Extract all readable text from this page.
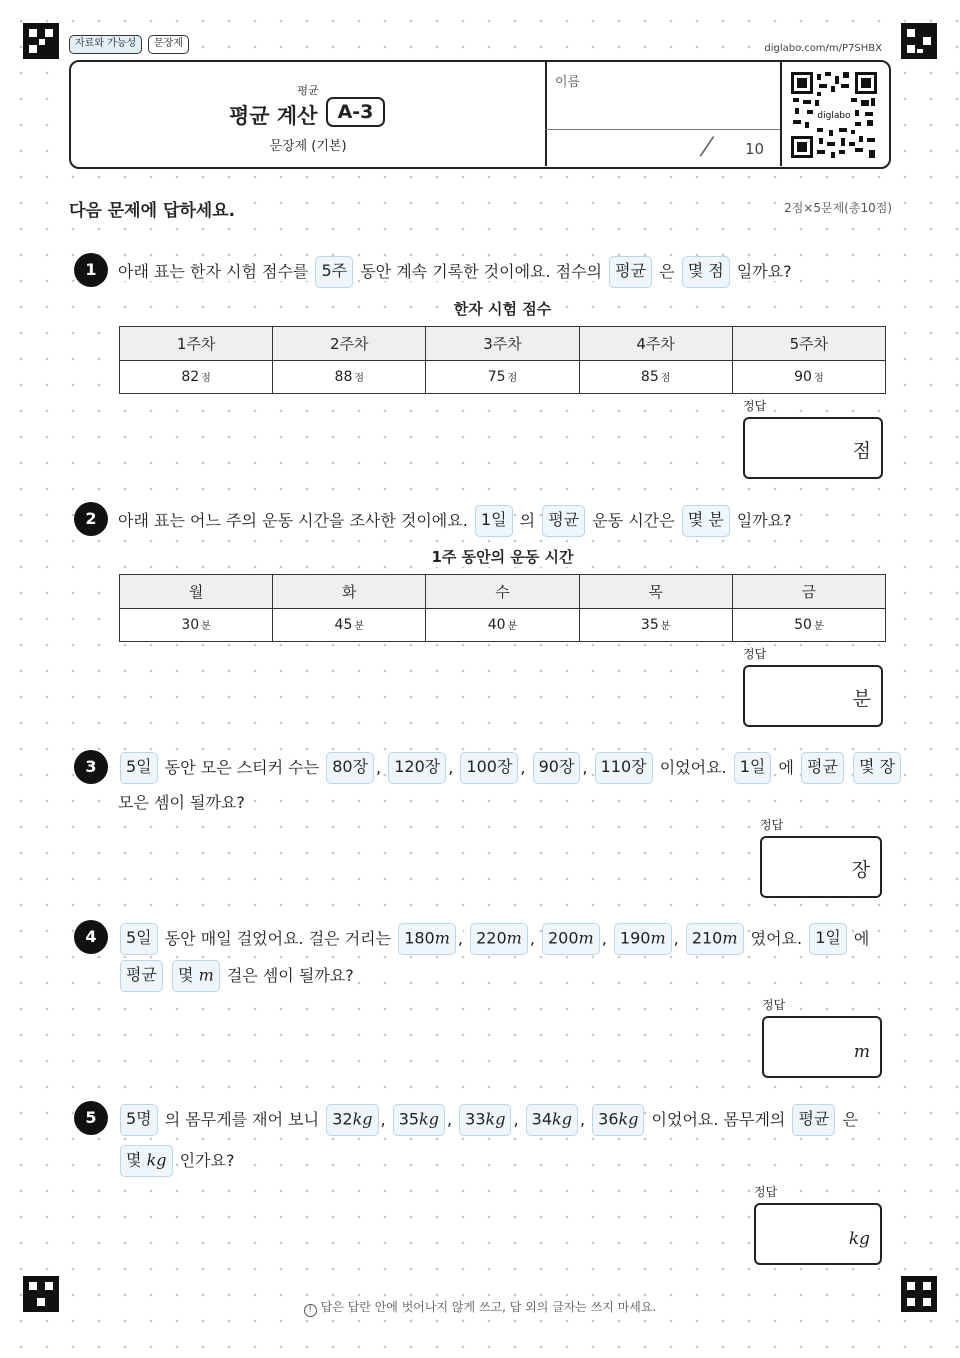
자료와 가능성	문장제	diglabo.com/m/P7SHBX
평균
평균 계산	A-3
문장제 (기본)
이름
/ 10
diglabo
다음 문제에 답하세요.	2점×5문제(총10점)
1	아래 표는 한자 시험 점수를 5주 동안 계속 기록한 것이에요. 점수의 평균 은 몇 점 일까요?
한자 시험 점수
1주차	2주차	3주차	4주차	5주차
82 점	88 점	75 점	85 점	90 점
정답
점
2	아래 표는 어느 주의 운동 시간을 조사한 것이에요. 1일 의 평균 운동 시간은 몇 분 일까요?
1주 동안의 운동 시간
월	화	수	목	금
30 분	45 분	40 분	35 분	50 분
정답
분
3	5일 동안 모은 스티커 수는 80장 , 120장 , 100장 , 90장 , 110장 이었어요. 1일 에 평균 몇 장
모은 셈이 될까요?
정답
장
4	5일 동안 매일 걸었어요. 걸은 거리는 180m , 220m , 200m , 190m , 210m 였어요. 1일 에
평균 몇 m 걸은 셈이 될까요?
정답
m
5	5명 의 몸무게를 재어 보니 32kg , 35kg , 33kg , 34kg , 36kg 이었어요. 몸무게의 평균 은
몇 kg 인가요?
정답
kg
! 답은 답란 안에 벗어나지 않게 쓰고, 답 외의 글자는 쓰지 마세요.
